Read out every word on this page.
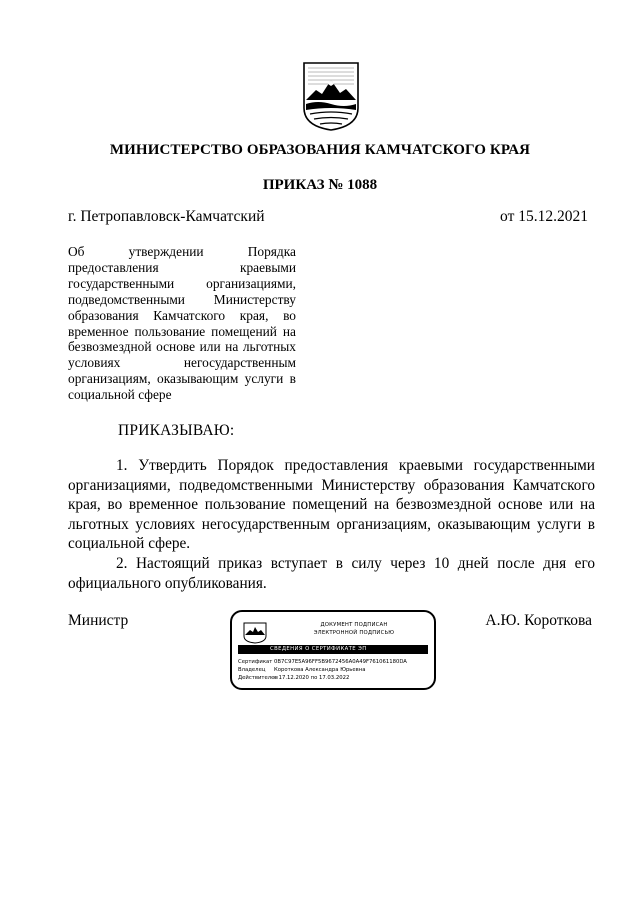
МИНИСТЕРСТВО ОБРАЗОВАНИЯ КАМЧАТСКОГО КРАЯ
ПРИКАЗ № 1088
г. Петропавловск-Камчатский	от 15.12.2021
Об утверждении Порядка предоставления краевыми государственными организациями, подведомственными Министерству образования Камчатского края, во временное пользование помещений на безвозмездной основе или на льготных условиях негосударственным организациям, оказывающим услуги в социальной сфере
ПРИКАЗЫВАЮ:

1. Утвердить Порядок предоставления краевыми государственными организациями, подведомственными Министерству образования Камчатского края, во временное пользование помещений на безвозмездной основе или на льготных условиях негосударственным организациям, оказывающим услуги в социальной сфере.

2. Настоящий приказ вступает в силу через 10 дней после дня его официального опубликования.

Министр	А.Ю. Короткова
ДОКУМЕНТ ПОДПИСАН
ЭЛЕКТРОННОЙ ПОДПИСЬЮ
СВЕДЕНИЯ О СЕРТИФИКАТЕ ЭП
Сертификат 0B7C97E5A96FF5B9672456A0A49F761061180DA
Владелец	Короткова Александра Юрьевна
Действителен
с 17.12.2020 по 17.03.2022
